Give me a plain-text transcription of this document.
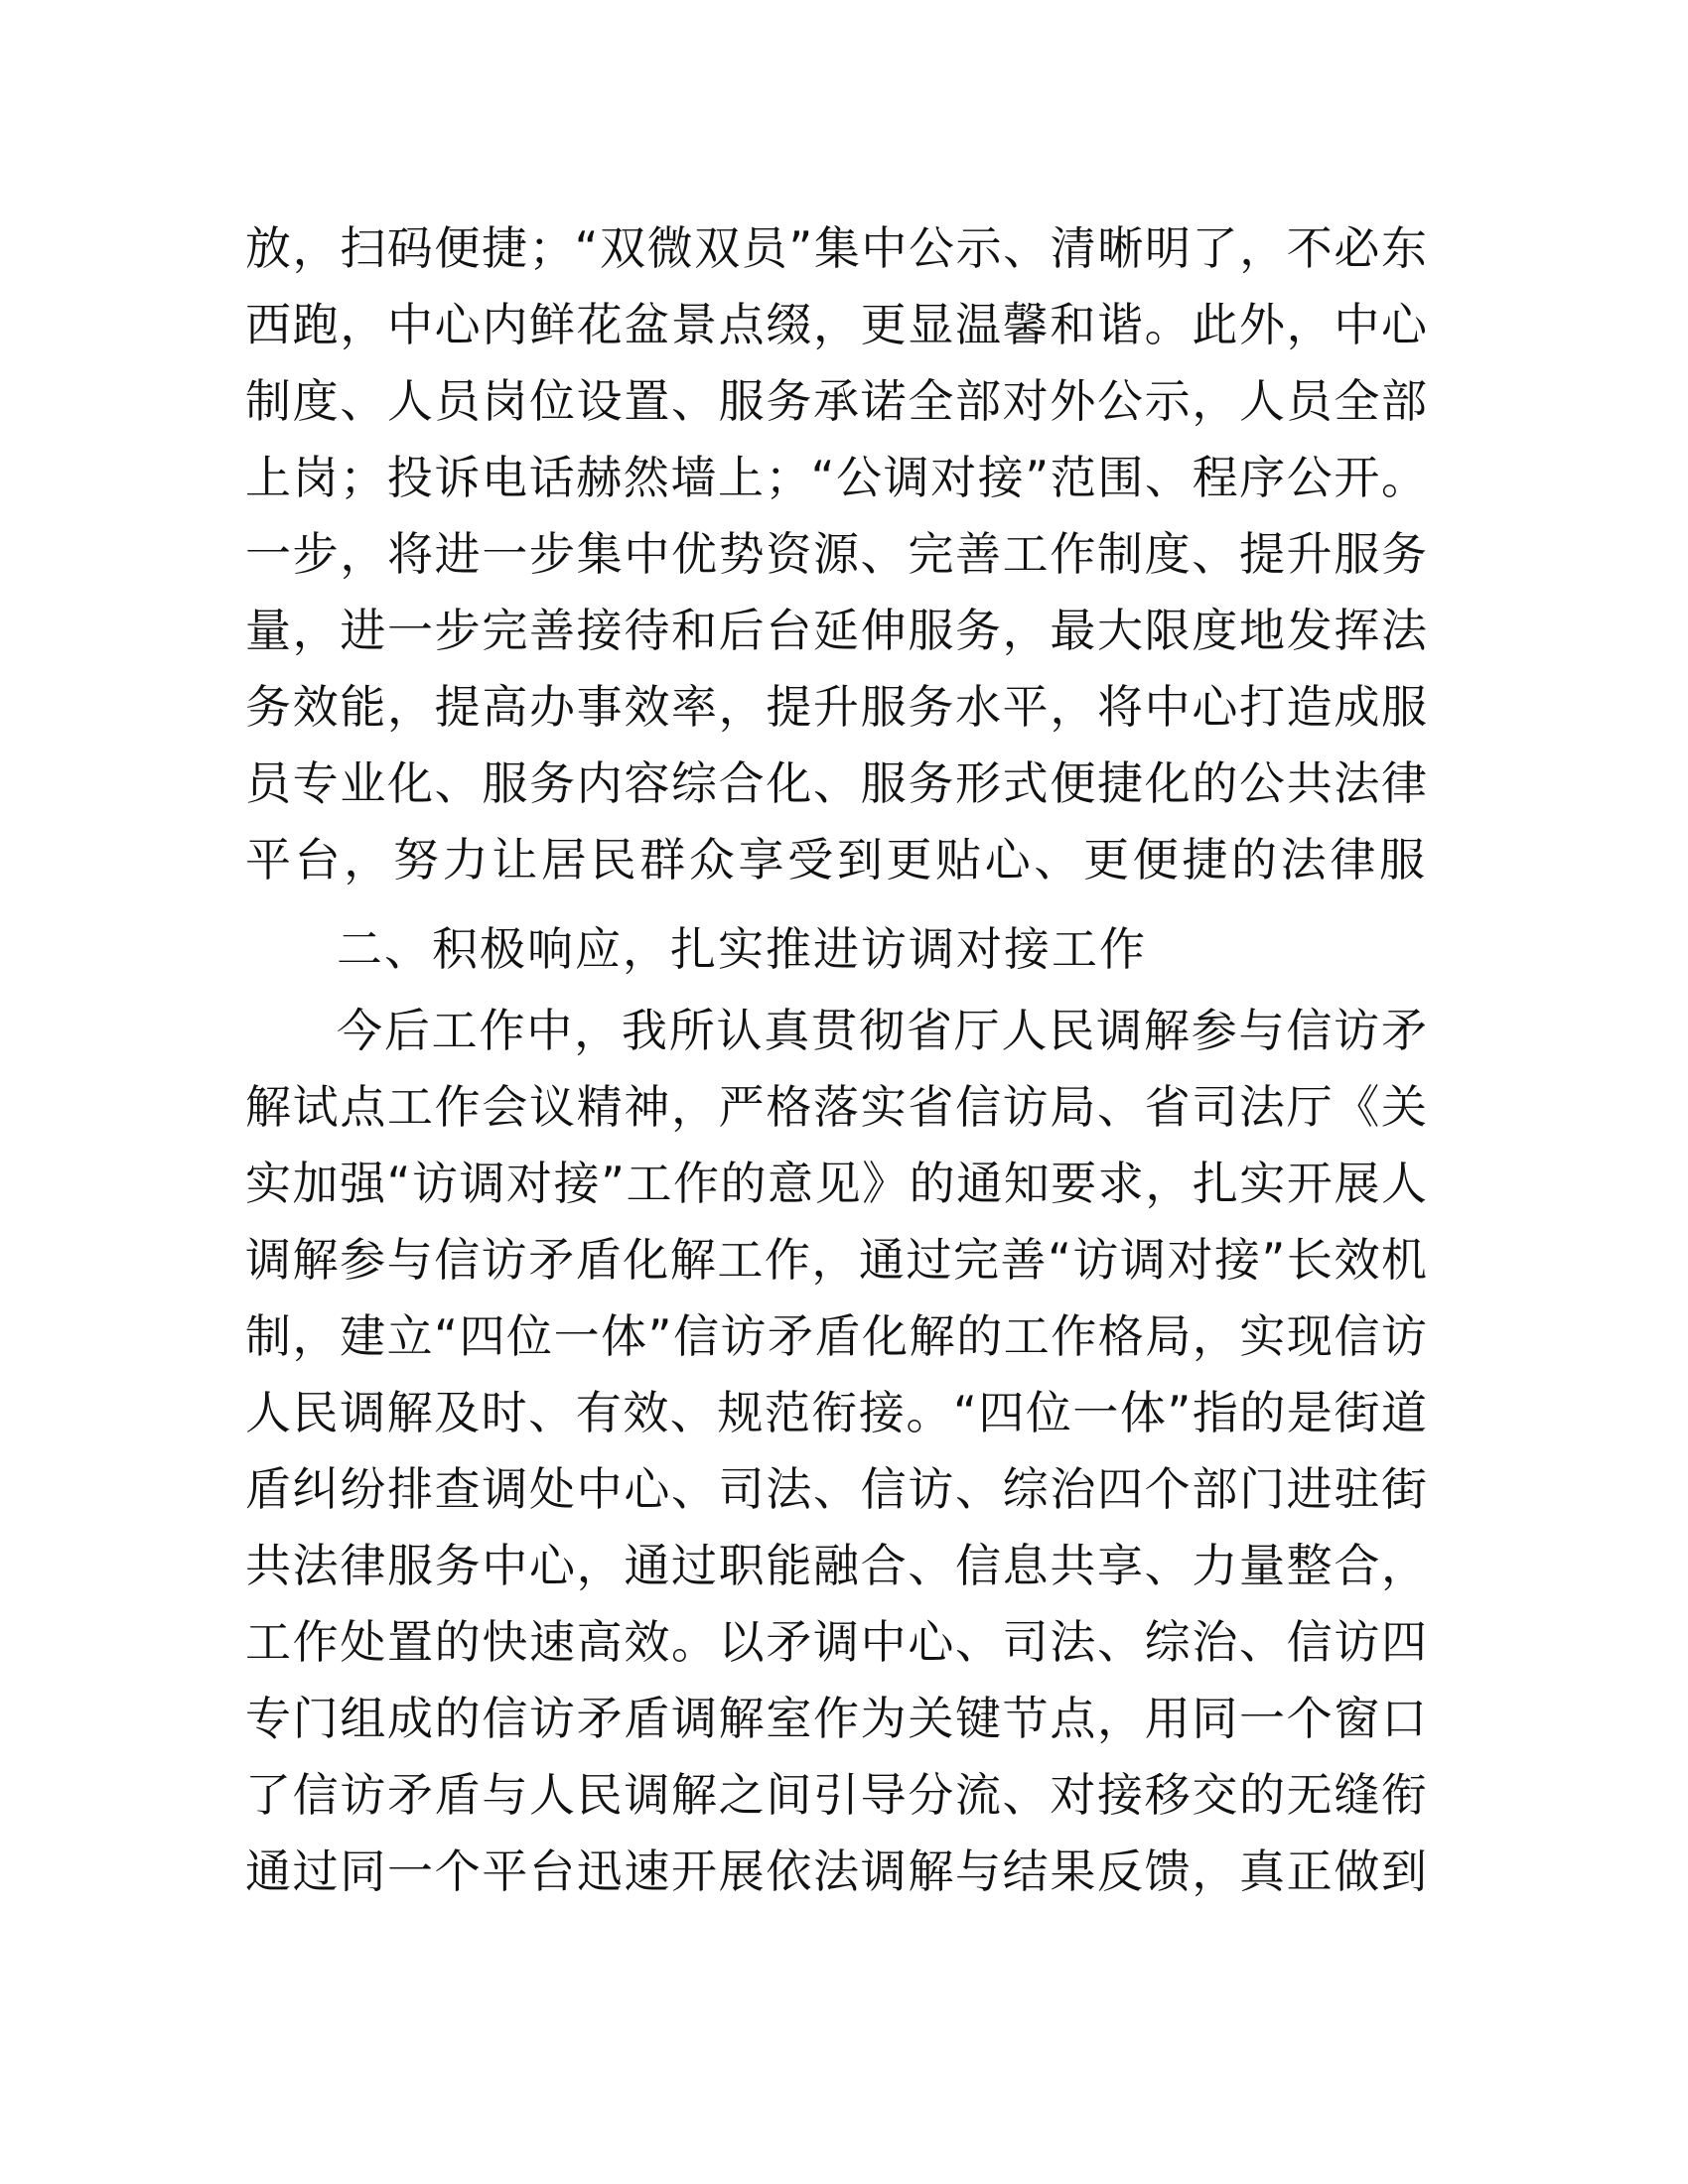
放，扫码便捷；“双微双员”集中公示、清晰明了，不必东
西跑，中心内鲜花盆景点缀，更显温馨和谐。此外，中心
制度、人员岗位设置、服务承诺全部对外公示，人员全部
上岗；投诉电话赫然墙上；“公调对接”范围、程序公开。
一步，将进一步集中优势资源、完善工作制度、提升服务
量，进一步完善接待和后台延伸服务，最大限度地发挥法
务效能，提高办事效率，提升服务水平，将中心打造成服
员专业化、服务内容综合化、服务形式便捷化的公共法律
平台，努力让居民群众享受到更贴心、更便捷的法律服
二、积极响应，扎实推进访调对接工作
今后工作中，我所认真贯彻省厅人民调解参与信访矛
解试点工作会议精神，严格落实省信访局、省司法厅《关
实加强“访调对接”工作的意见》的通知要求，扎实开展人
调解参与信访矛盾化解工作，通过完善“访调对接”长效机
制，建立“四位一体”信访矛盾化解的工作格局，实现信访
人民调解及时、有效、规范衔接。“四位一体”指的是街道
盾纠纷排查调处中心、司法、信访、综治四个部门进驻街
共法律服务中心，通过职能融合、信息共享、力量整合，
工作处置的快速高效。以矛调中心、司法、综治、信访四
专门组成的信访矛盾调解室作为关键节点，用同一个窗口
了信访矛盾与人民调解之间引导分流、对接移交的无缝衔
通过同一个平台迅速开展依法调解与结果反馈，真正做到
